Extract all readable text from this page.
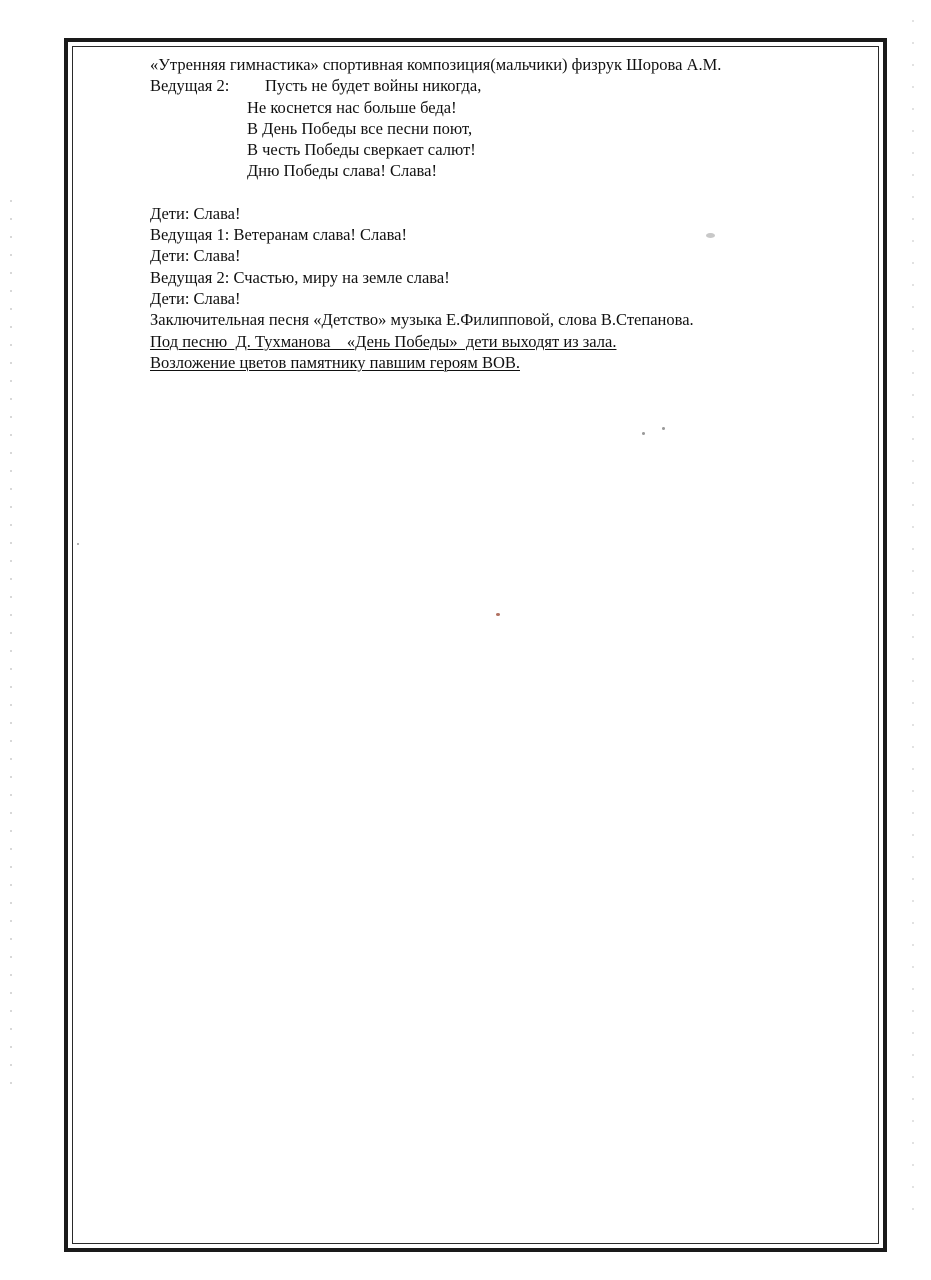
«Утренняя гимнастика» спортивная композиция(мальчики) физрук Шорова А.М.
Ведущая 2:	Пусть не будет войны никогда,
Не коснется нас больше беда!
В День Победы все песни поют,
В честь Победы сверкает салют!
Дню Победы слава! Слава!
Дети: Слава!
Ведущая 1: Ветеранам слава! Слава!
Дети: Слава!
Ведущая 2: Счастью, миру на земле слава!
Дети: Слава!
Заключительная песня «Детство» музыка Е.Филипповой, слова В.Степанова.
Под песню  Д. Тухманова    «День Победы»  дети выходят из зала.
Возложение цветов памятнику павшим героям ВОВ.
